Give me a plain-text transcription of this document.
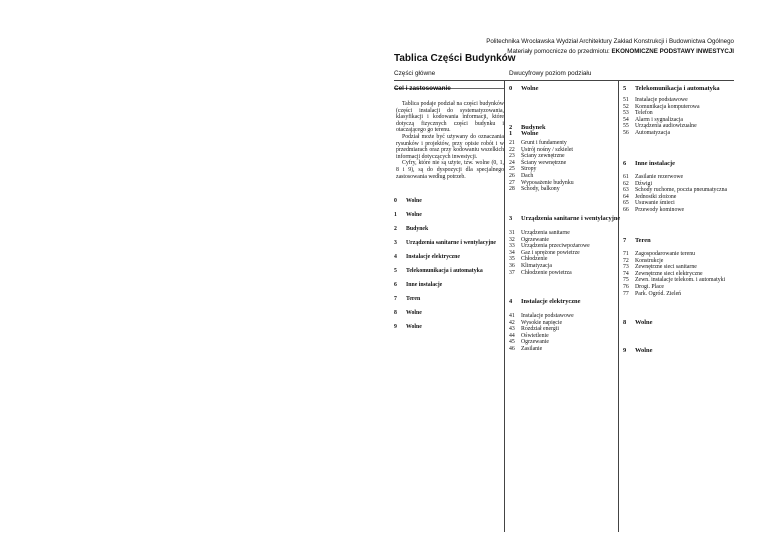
Politechnika Wrocławska Wydział Architektury Zakład Konstrukcji i Budownictwa Ogólnego
Materiały pomocnicze do przedmiotu: EKONOMICZNE PODSTAWY INWESTYCJI
Tablica Części Budynków
Części główne	Dwucyfrowy poziom podziału
Cel i zastosowanie

Tablica podaje podział na części budynków (części instalacji do systematyzowania, klasyfikacji i kodowania informacji, które dotyczą fizycznych części budynku i otaczającego go terenu.

Podział może być używany do oznaczania rysunków i projektów, przy opisie robót i w przedmiarach oraz przy kodowaniu wszelkich informacji dotyczących inwestycji.

Cyfry, które nie są użyte, tzw. wolne (0, 1, 8 i 9), są do dyspozycji dla specjalnego zastosowania według potrzeb.

0 Wolne
1 Wolne
2 Budynek
3 Urządzenia sanitarne i wentylacyjne
4 Instalacje elektryczne
5 Telekomunikacja i automatyka
6 Inne instalacje
7 Teren
8 Wolne
9 Wolne
0 Wolne
1 Wolne
2 Budynek
21 Grunt i fundamenty
22 Ustrój nośny / szkielet
23 Ściany zewnętrzne
24 Ściany wewnętrzne
25 Stropy
26 Dach
27 Wyposażenie budynku
28 Schody, balkony
3 Urządzenia sanitarne i wentylacyjne
31 Urządzenia sanitarne
32 Ogrzewanie
33 Urządzenia przeciwpożarowe
34 Gaz i sprężone powietrze
35 Chłodzenie
36 Klimatyzacja
37 Chłodzenie powietrza
4 Instalacje elektryczne
41 Instalacje podstawowe
42 Wysokie napięcie
43 Rozdział energii
44 Oświetlenie
45 Ogrzewanie
46 Zasilanie
5 Telekomunikacja i automatyka
51 Instalacje podstawowe
52 Komunikacja komputerowa
53 Telefon
54 Alarm i sygnalizacja
55 Urządzenia audiowizualne
56 Automatyzacja
6 Inne instalacje
61 Zasilanie rezerwowe
62 Dźwigi
63 Schody ruchome, poczta pneumatyczna
64 Jednostki złożone
65 Usuwanie śmieci
66 Przewody kominowe
7 Teren
71 Zagospodarowanie terenu
72 Konstrukcje
73 Zewnętrzne sieci sanitarne
74 Zewnętrzne sieci elektryczne
75 Zewn. instalacje telekom. i automatyki
76 Drogi. Place
77 Park. Ogród. Zieleń
8 Wolne
9 Wolne
